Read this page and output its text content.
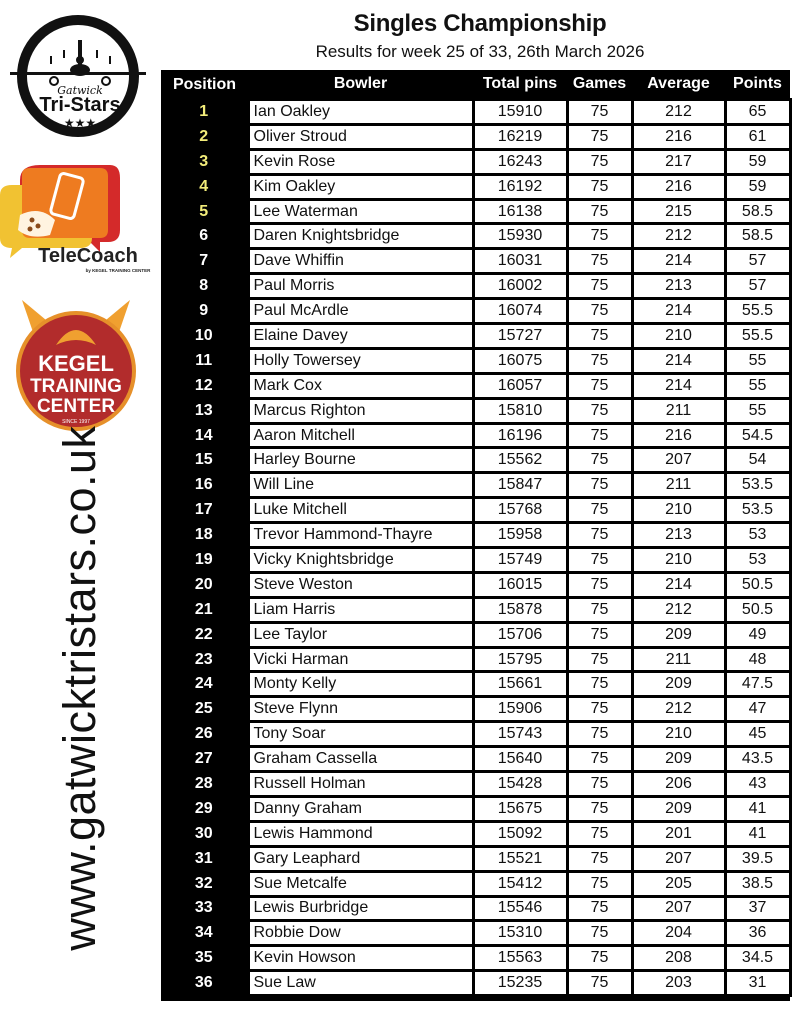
Gatwick
Tri-Stars
★★★
TeleCoach
by KEGEL TRAINING CENTER
KEGEL
TRAINING
CENTER
SINCE 1997
www.gatwicktristars.co.uk
Singles Championship
Results for week 25 of 33, 26th March 2026
Position	Bowler	Total pins	Games	Average	Points
1	Ian Oakley	15910	75	212	65
2	Oliver Stroud	16219	75	216	61
3	Kevin Rose	16243	75	217	59
4	Kim Oakley	16192	75	216	59
5	Lee Waterman	16138	75	215	58.5
6	Daren Knightsbridge	15930	75	212	58.5
7	Dave Whiffin	16031	75	214	57
8	Paul Morris	16002	75	213	57
9	Paul McArdle	16074	75	214	55.5
10	Elaine Davey	15727	75	210	55.5
11	Holly Towersey	16075	75	214	55
12	Mark Cox	16057	75	214	55
13	Marcus Righton	15810	75	211	55
14	Aaron Mitchell	16196	75	216	54.5
15	Harley Bourne	15562	75	207	54
16	Will Line	15847	75	211	53.5
17	Luke Mitchell	15768	75	210	53.5
18	Trevor Hammond-Thayre	15958	75	213	53
19	Vicky Knightsbridge	15749	75	210	53
20	Steve Weston	16015	75	214	50.5
21	Liam Harris	15878	75	212	50.5
22	Lee Taylor	15706	75	209	49
23	Vicki Harman	15795	75	211	48
24	Monty Kelly	15661	75	209	47.5
25	Steve Flynn	15906	75	212	47
26	Tony Soar	15743	75	210	45
27	Graham Cassella	15640	75	209	43.5
28	Russell Holman	15428	75	206	43
29	Danny Graham	15675	75	209	41
30	Lewis Hammond	15092	75	201	41
31	Gary Leaphard	15521	75	207	39.5
32	Sue Metcalfe	15412	75	205	38.5
33	Lewis Burbridge	15546	75	207	37
34	Robbie Dow	15310	75	204	36
35	Kevin Howson	15563	75	208	34.5
36	Sue Law	15235	75	203	31
